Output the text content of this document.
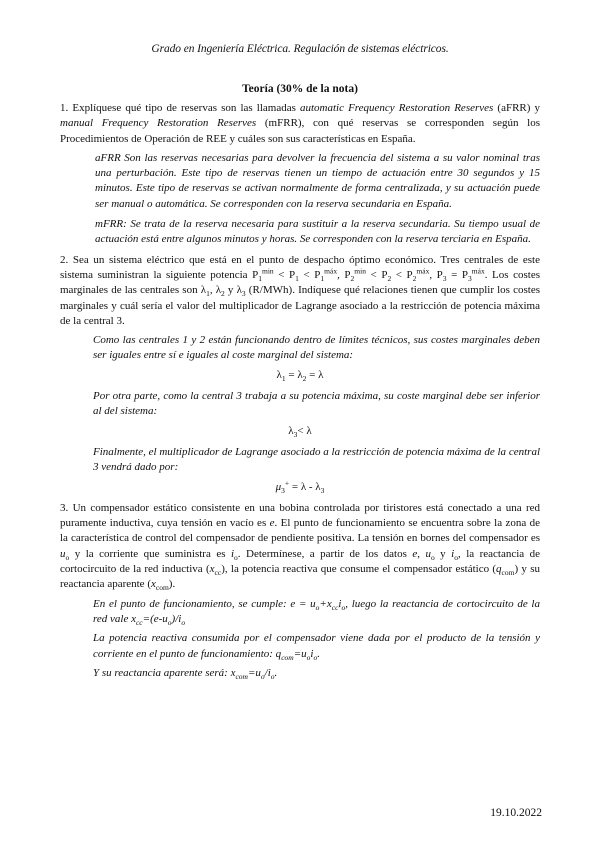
Grado en Ingeniería Eléctrica. Regulación de sistemas eléctricos.
Teoría (30% de la nota)

1. Explíquese qué tipo de reservas son las llamadas automatic Frequency Restoration Reserves (aFRR) y manual Frequency Restoration Reserves (mFRR), con qué reservas se corresponden según los Procedimientos de Operación de REE y cuáles son sus características en España.

aFRR Son las reservas necesarias para devolver la frecuencia del sistema a su valor nominal tras una perturbación. Este tipo de reservas tienen un tiempo de actuación entre 30 segundos y 15 minutos. Este tipo de reservas se activan normalmente de forma centralizada, y su actuación puede ser manual o automática. Se corresponden con la reserva secundaria en España.

mFRR: Se trata de la reserva necesaria para sustituir a la reserva secundaria. Su tiempo usual de actuación está entre algunos minutos y horas. Se corresponden con la reserva terciaria en España.

2. Sea un sistema eléctrico que está en el punto de despacho óptimo económico. Tres centrales de este sistema suministran la siguiente potencia $P_1^{min} < P_1 < P_1^{máx}$, $P_2^{min} < P_2 < P_2^{máx}$, $P_3 = P_3^{máx}$. Los costes marginales de las centrales son $\lambda_1$, $\lambda_2$ y $\lambda_3$ (R/MWh). Indíquese qué relaciones tienen que cumplir los costes marginales y cuál sería el valor del multiplicador de Lagrange asociado a la restricción de potencia máxima de la central 3.

Como las centrales 1 y 2 están funcionando dentro de límites técnicos, sus costes marginales deben ser iguales entre sí e iguales al coste marginal del sistema:

$\lambda_1 = \lambda_2 = \lambda$

Por otra parte, como la central 3 trabaja a su potencia máxima, su coste marginal debe ser inferior al del sistema:

$\lambda_3< \lambda$

Finalmente, el multiplicador de Lagrange asociado a la restricción de potencia máxima de la central 3 vendrá dado por:

$\mu_3^+ = \lambda - \lambda_3$

3. Un compensador estático consistente en una bobina controlada por tiristores está conectado a una red puramente inductiva, cuya tensión en vacío es e. El punto de funcionamiento se encuentra sobre la zona de la característica de control del compensador de pendiente positiva. La tensión en bornes del compensador es $u_o$ y la corriente que suministra es $i_o$. Determínese, a partir de los datos e, $u_o$ y $i_o$, la reactancia de cortocircuito de la red inductiva $(x_{cc})$, la potencia reactiva que consume el compensador estático $(q_{com})$ y su reactancia aparente $(x_{com})$.

En el punto de funcionamiento, se cumple: $e = u_o+x_{cc}i_o$, luego la reactancia de cortocircuito de la red vale $x_{cc}=(e-u_o)/i_o$

La potencia reactiva consumida por el compensador viene dada por el producto de la tensión y corriente en el punto de funcionamiento: $q_{com}=u_oi_o$.

Y su reactancia aparente será: $x_{com}=u_o/i_o$.

19.10.2022
